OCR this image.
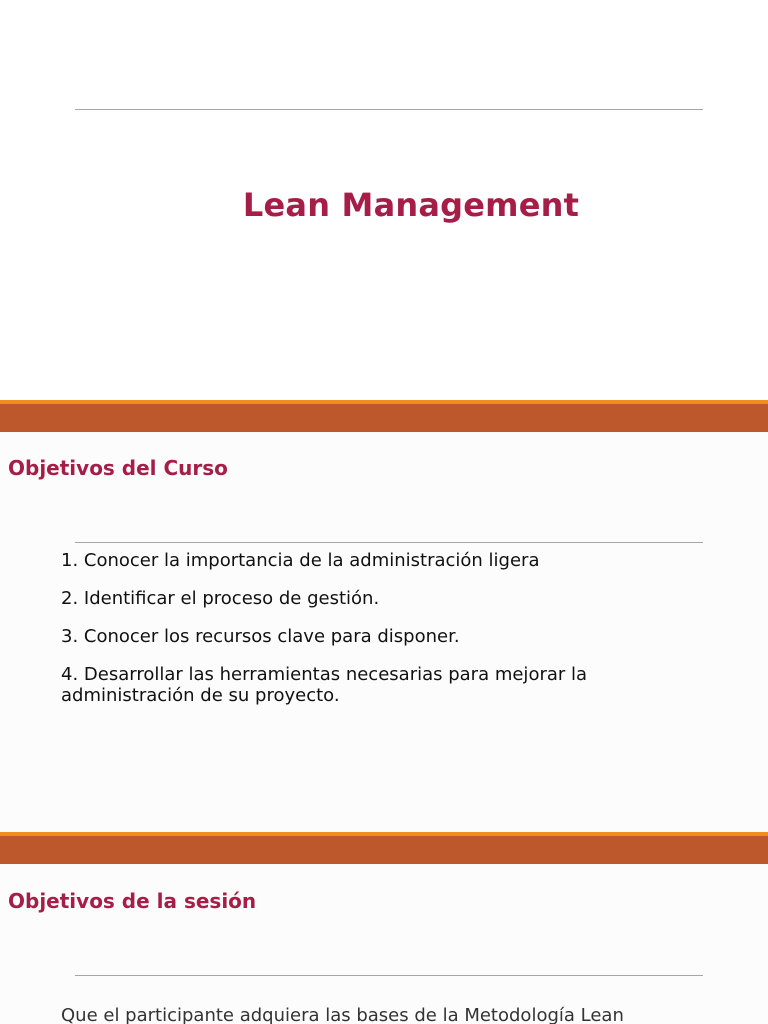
Lean Management
Objetivos del Curso
1. Conocer la importancia de la administración ligera
2. Identificar el proceso de gestión.
3. Conocer los recursos clave para disponer.
4. Desarrollar las herramientas necesarias para mejorar la administración de su proyecto.
Objetivos de la sesión
Que el participante adquiera las bases de la Metodología Lean
